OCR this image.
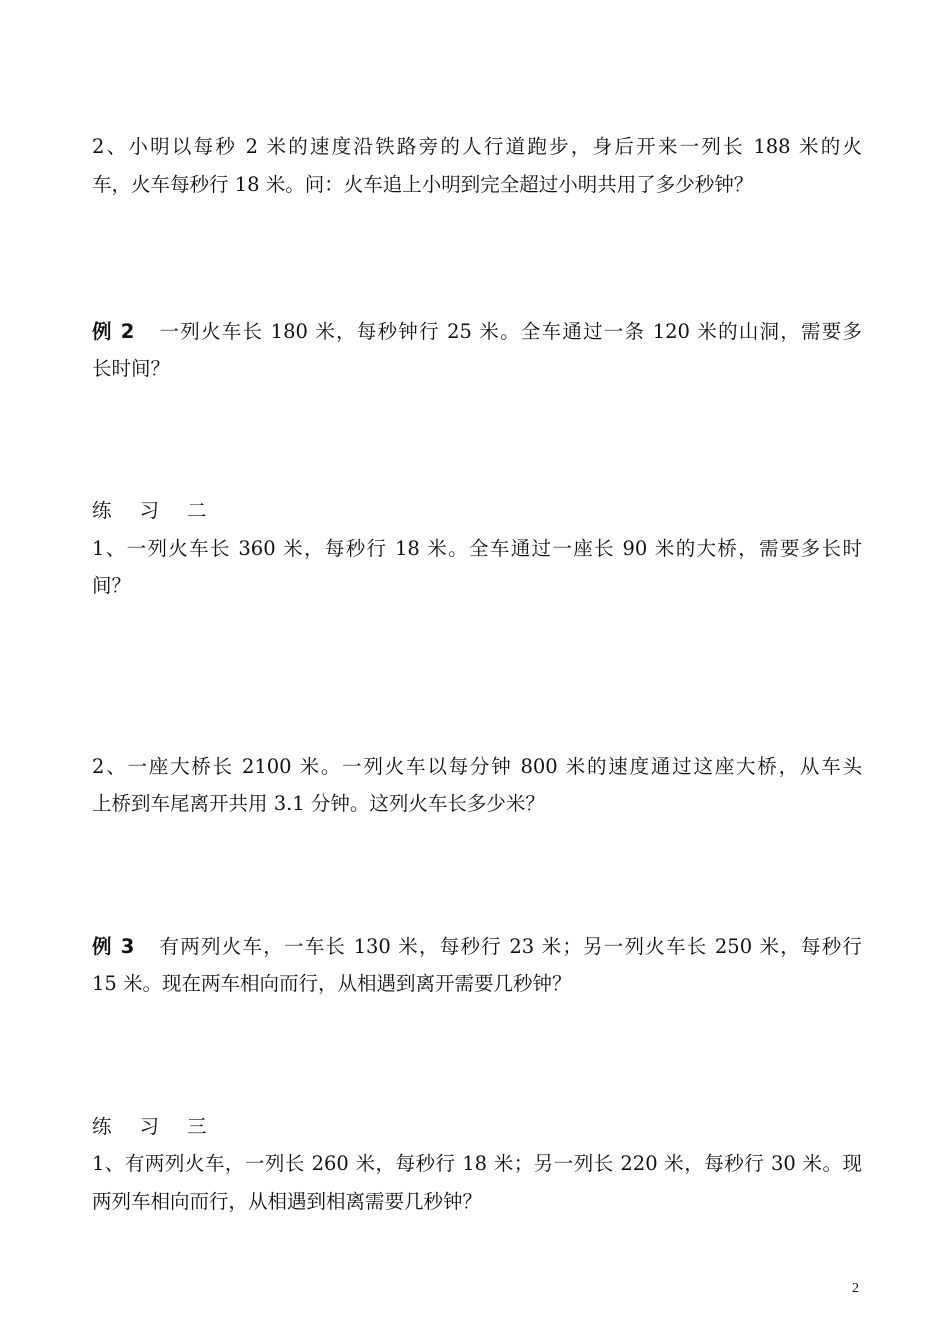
2、小明以每秒 2 米的速度沿铁路旁的人行道跑步，身后开来一列长 188 米的火
车，火车每秒行 18 米。问：火车追上小明到完全超过小明共用了多少秒钟？
例 2 一列火车长 180 米，每秒钟行 25 米。全车通过一条 120 米的山洞，需要多
长时间？
练习二
1、一列火车长 360 米，每秒行 18 米。全车通过一座长 90 米的大桥，需要多长时
间？
2、一座大桥长 2100 米。一列火车以每分钟 800 米的速度通过这座大桥，从车头
上桥到车尾离开共用 3.1 分钟。这列火车长多少米？
例 3 有两列火车，一车长 130 米，每秒行 23 米；另一列火车长 250 米，每秒行
15 米。现在两车相向而行，从相遇到离开需要几秒钟？
练习三
1、有两列火车，一列长 260 米，每秒行 18 米；另一列长 220 米，每秒行 30 米。现
两列车相向而行，从相遇到相离需要几秒钟？
2
